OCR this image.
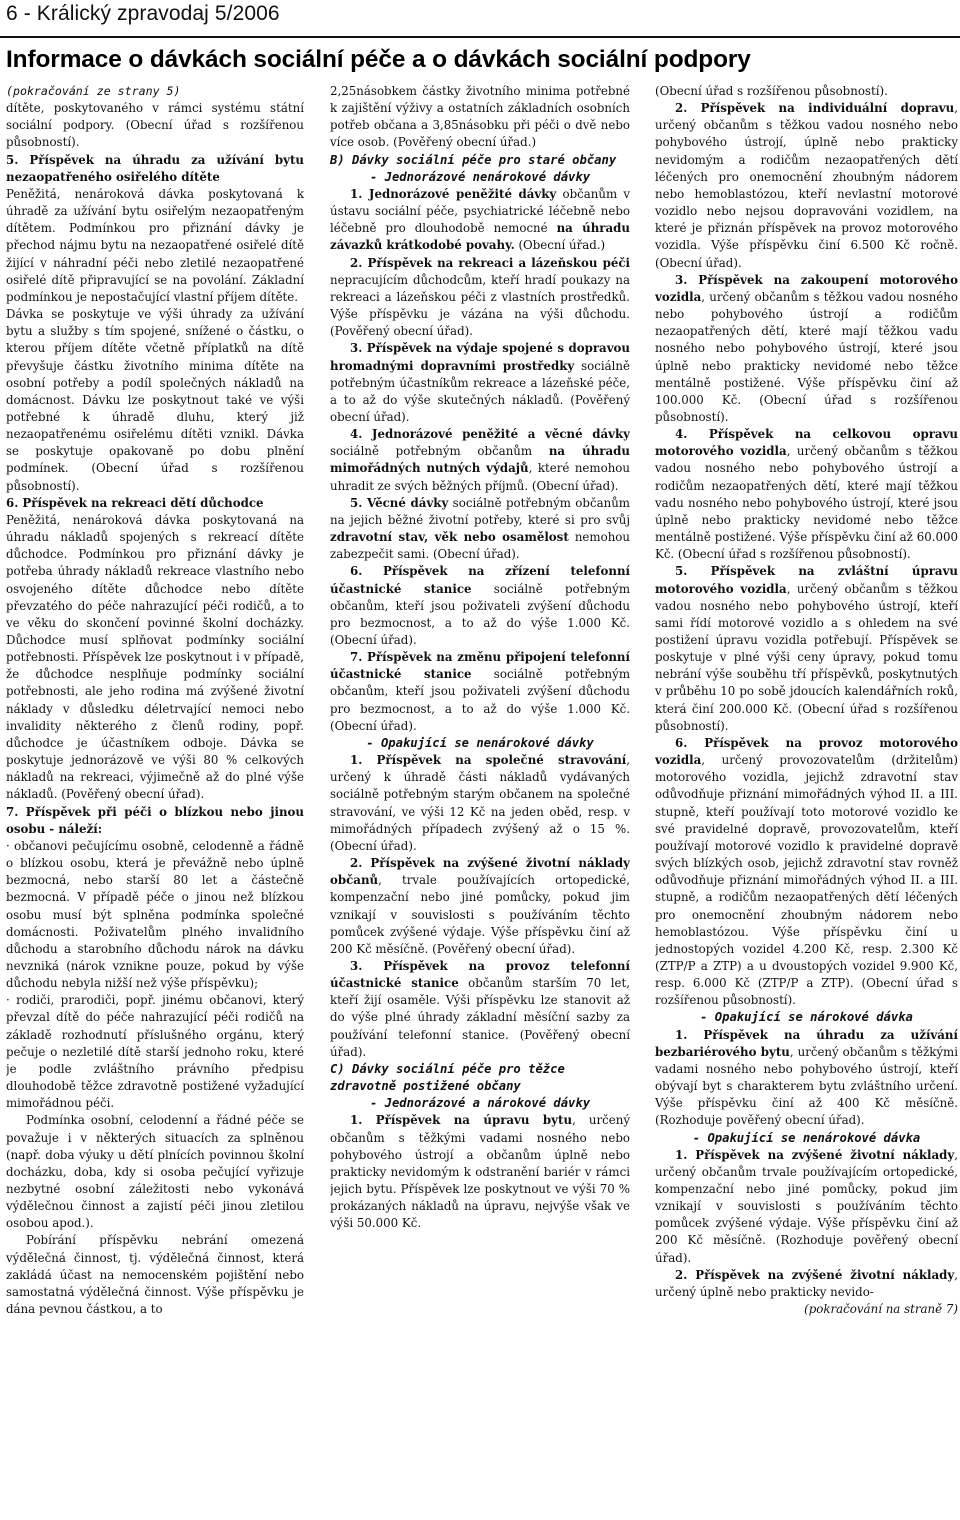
6 - Králický zpravodaj 5/2006
Informace o dávkách sociální péče a o dávkách sociální podpory

(pokračování ze strany 5)

dítěte, poskytovaného v rámci systému státní sociální podpory. (Obecní úřad s rozšířenou působností).

5. Příspěvek na úhradu za užívání bytu nezaopatřeného osiřelého dítěte

Peněžitá, nenároková dávka poskytovaná k úhradě za užívání bytu osiřelým nezaopatřeným dítětem. Podmínkou pro přiznání dávky je přechod nájmu bytu na nezaopatřené osiřelé dítě žijící v náhradní péči nebo zletilé nezaopatřené osiřelé dítě připravující se na povolání. Základní podmínkou je nepostačující vlastní příjem dítěte.

Dávka se poskytuje ve výši úhrady za užívání bytu a služby s tím spojené, snížené o částku, o kterou příjem dítěte včetně příplatků na dítě převyšuje částku životního minima dítěte na osobní potřeby a podíl společných nákladů na domácnost. Dávku lze poskytnout také ve výši potřebné k úhradě dluhu, který již nezaopatřenému osiřelému dítěti vznikl. Dávka se poskytuje opakovaně po dobu plnění podmínek. (Obecní úřad s rozšířenou působností).

6. Příspěvek na rekreaci dětí důchodce

Peněžitá, nenároková dávka poskytovaná na úhradu nákladů spojených s rekreací dítěte důchodce. Podmínkou pro přiznání dávky je potřeba úhrady nákladů rekreace vlastního nebo osvojeného dítěte důchodce nebo dítěte převzatého do péče nahrazující péči rodičů, a to ve věku do skončení povinné školní docházky. Důchodce musí splňovat podmínky sociální potřebnosti. Příspěvek lze poskytnout i v případě, že důchodce nesplňuje podmínky sociální potřebnosti, ale jeho rodina má zvýšené životní náklady v důsledku déletrvající nemoci nebo invalidity některého z členů rodiny, popř. důchodce je účastníkem odboje. Dávka se poskytuje jednorázově ve výši 80 % celkových nákladů na rekreaci, výjimečně až do plné výše nákladů. (Pověřený obecní úřad).

7. Příspěvek při péči o blízkou nebo jinou osobu - náleží:

· občanovi pečujícímu osobně, celodenně a řádně o blízkou osobu, která je převážně nebo úplně bezmocná, nebo starší 80 let a částečně bezmocná. V případě péče o jinou než blízkou osobu musí být splněna podmínka společné domácnosti. Poživatelům plného invalidního důchodu a starobního důchodu nárok na dávku nevzniká (nárok vznikne pouze, pokud by výše důchodu nebyla nižší než výše příspěvku);

· rodiči, prarodiči, popř. jinému občanovi, který převzal dítě do péče nahrazující péči rodičů na základě rozhodnutí příslušného orgánu, který pečuje o nezletilé dítě starší jednoho roku, které je podle zvláštního právního předpisu dlouhodobě těžce zdravotně postižené vyžadující mimořádnou péči.

Podmínka osobní, celodenní a řádné péče se považuje i v některých situacích za splněnou (např. doba výuky u dětí plnících povinnou školní docházku, doba, kdy si osoba pečující vyřizuje nezbytné osobní záležitosti nebo vykonává výdělečnou činnost a zajistí péči jinou zletilou osobou apod.).

Pobírání příspěvku nebrání omezená výdělečná činnost, tj. výdělečná činnost, která zakládá účast na nemocenském pojištění nebo samostatná výdělečná činnost. Výše příspěvku je dána pevnou částkou, a to

2,25násobkem částky životního minima potřebné k zajištění výživy a ostatních základních osobních potřeb občana a 3,85násobku při péči o dvě nebo více osob. (Pověřený obecní úřad.)

B) Dávky sociální péče pro staré občany

- Jednorázové nenárokové dávky

1. Jednorázové peněžité dávky občanům v ústavu sociální péče, psychiatrické léčebně nebo léčebně pro dlouhodobě nemocné na úhradu závazků krátkodobé povahy. (Obecní úřad.)

2. Příspěvek na rekreaci a lázeňskou péči nepracujícím důchodcům, kteří hradí poukazy na rekreaci a lázeňskou péči z vlastních prostředků. Výše příspěvku je vázána na výši důchodu. (Pověřený obecní úřad).

3. Příspěvek na výdaje spojené s dopravou hromadnými dopravními prostředky sociálně potřebným účastníkům rekreace a lázeňské péče, a to až do výše skutečných nákladů. (Pověřený obecní úřad).

4. Jednorázové peněžité a věcné dávky sociálně potřebným občanům na úhradu mimořádných nutných výdajů, které nemohou uhradit ze svých běžných příjmů. (Obecní úřad).

5. Věcné dávky sociálně potřebným občanům na jejich běžné životní potřeby, které si pro svůj zdravotní stav, věk nebo osamělost nemohou zabezpečit sami. (Obecní úřad).

6. Příspěvek na zřízení telefonní účastnické stanice sociálně potřebným občanům, kteří jsou poživateli zvýšení důchodu pro bezmocnost, a to až do výše 1.000 Kč. (Obecní úřad).

7. Příspěvek na změnu připojení telefonní účastnické stanice sociálně potřebným občanům, kteří jsou poživateli zvýšení důchodu pro bezmocnost, a to až do výše 1.000 Kč. (Obecní úřad).

- Opakující se nenárokové dávky

1. Příspěvek na společné stravování, určený k úhradě části nákladů vydávaných sociálně potřebným starým občanem na společné stravování, ve výši 12 Kč na jeden oběd, resp. v mimořádných případech zvýšený až o 15 %. (Obecní úřad).

2. Příspěvek na zvýšené životní náklady občanů, trvale používajících ortopedické, kompenzační nebo jiné pomůcky, pokud jim vznikají v souvislosti s používáním těchto pomůcek zvýšené výdaje. Výše příspěvku činí až 200 Kč měsíčně. (Pověřený obecní úřad).

3. Příspěvek na provoz telefonní účastnické stanice občanům starším 70 let, kteří žijí osaměle. Výši příspěvku lze stanovit až do výše plné úhrady základní měsíční sazby za používání telefonní stanice. (Pověřený obecní úřad).

C) Dávky sociální péče pro těžce zdravotně postižené občany

- Jednorázové a nárokové dávky

1. Příspěvek na úpravu bytu, určený občanům s těžkými vadami nosného nebo pohybového ústrojí a občanům úplně nebo prakticky nevidomým k odstranění bariér v rámci jejich bytu. Příspěvek lze poskytnout ve výši 70 % prokázaných nákladů na úpravu, nejvýše však ve výši 50.000 Kč.

(Obecní úřad s rozšířenou působností).

2. Příspěvek na individuální dopravu, určený občanům s těžkou vadou nosného nebo pohybového ústrojí, úplně nebo prakticky nevidomým a rodičům nezaopatřených dětí léčených pro onemocnění zhoubným nádorem nebo hemoblastózou, kteří nevlastní motorové vozidlo nebo nejsou dopravováni vozidlem, na které je přiznán příspěvek na provoz motorového vozidla. Výše příspěvku činí 6.500 Kč ročně. (Obecní úřad).

3. Příspěvek na zakoupení motorového vozidla, určený občanům s těžkou vadou nosného nebo pohybového ústrojí a rodičům nezaopatřených dětí, které mají těžkou vadu nosného nebo pohybového ústrojí, které jsou úplně nebo prakticky nevidomé nebo těžce mentálně postižené. Výše příspěvku činí až 100.000 Kč. (Obecní úřad s rozšířenou působností).

4. Příspěvek na celkovou opravu motorového vozidla, určený občanům s těžkou vadou nosného nebo pohybového ústrojí a rodičům nezaopatřených dětí, které mají těžkou vadu nosného nebo pohybového ústrojí, které jsou úplně nebo prakticky nevidomé nebo těžce mentálně postižené. Výše příspěvku činí až 60.000 Kč. (Obecní úřad s rozšířenou působností).

5. Příspěvek na zvláštní úpravu motorového vozidla, určený občanům s těžkou vadou nosného nebo pohybového ústrojí, kteří sami řídí motorové vozidlo a s ohledem na své postižení úpravu vozidla potřebují. Příspěvek se poskytuje v plné výši ceny úpravy, pokud tomu nebrání výše souběhu tří příspěvků, poskytnutých v průběhu 10 po sobě jdoucích kalendářních roků, která činí 200.000 Kč. (Obecní úřad s rozšířenou působností).

6. Příspěvek na provoz motorového vozidla, určený provozovatelům (držitelům) motorového vozidla, jejichž zdravotní stav odůvodňuje přiznání mimořádných výhod II. a III. stupně, kteří používají toto motorové vozidlo ke své pravidelné dopravě, provozovatelům, kteří používají motorové vozidlo k pravidelné dopravě svých blízkých osob, jejichž zdravotní stav rovněž odůvodňuje přiznání mimořádných výhod II. a III. stupně, a rodičům nezaopatřených dětí léčených pro onemocnění zhoubným nádorem nebo hemoblastózou. Výše příspěvku činí u jednostopých vozidel 4.200 Kč, resp. 2.300 Kč (ZTP/P a ZTP) a u dvoustopých vozidel 9.900 Kč, resp. 6.000 Kč (ZTP/P a ZTP). (Obecní úřad s rozšířenou působností).

- Opakující se nárokové dávka

1. Příspěvek na úhradu za užívání bezbariérového bytu, určený občanům s těžkými vadami nosného nebo pohybového ústrojí, kteří obývají byt s charakterem bytu zvláštního určení. Výše příspěvku činí až 400 Kč měsíčně. (Rozhoduje pověřený obecní úřad).

- Opakující se nenárokové dávka

1. Příspěvek na zvýšené životní náklady, určený občanům trvale používajícím ortopedické, kompenzační nebo jiné pomůcky, pokud jim vznikají v souvislosti s používáním těchto pomůcek zvýšené výdaje. Výše příspěvku činí až 200 Kč měsíčně. (Rozhoduje pověřený obecní úřad).

2. Příspěvek na zvýšené životní náklady, určený úplně nebo prakticky nevido-

(pokračování na straně 7)
